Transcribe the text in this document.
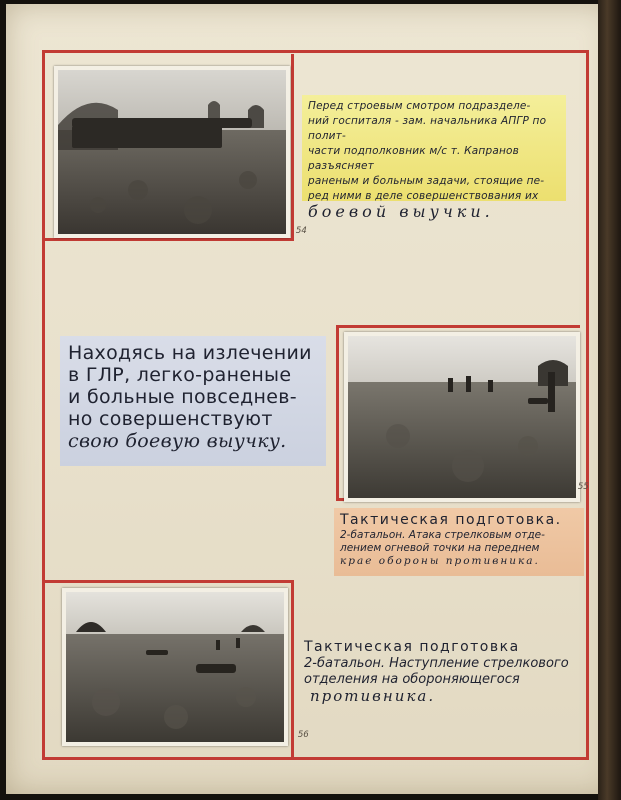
54
55
56
Перед строевым смотром подразделе-
ний госпиталя - зам. начальника АПГР по полит-
части подполковник м/с т. Капранов разъясняет
раненым и больным задачи, стоящие пе-
ред ними в деле совершенствования их
боевой выучки.
Находясь на излечении
в ГЛР, легко-раненые
и больные повседнев-
но совершенствуют
свою боевую выучку.
Тактическая подготовка.
2-батальон. Атака стрелковым отде-
лением огневой точки на переднем
крае обороны противника.
Тактическая подготовка
2-батальон. Наступление стрелкового
отделения на обороняющегося
противника.
